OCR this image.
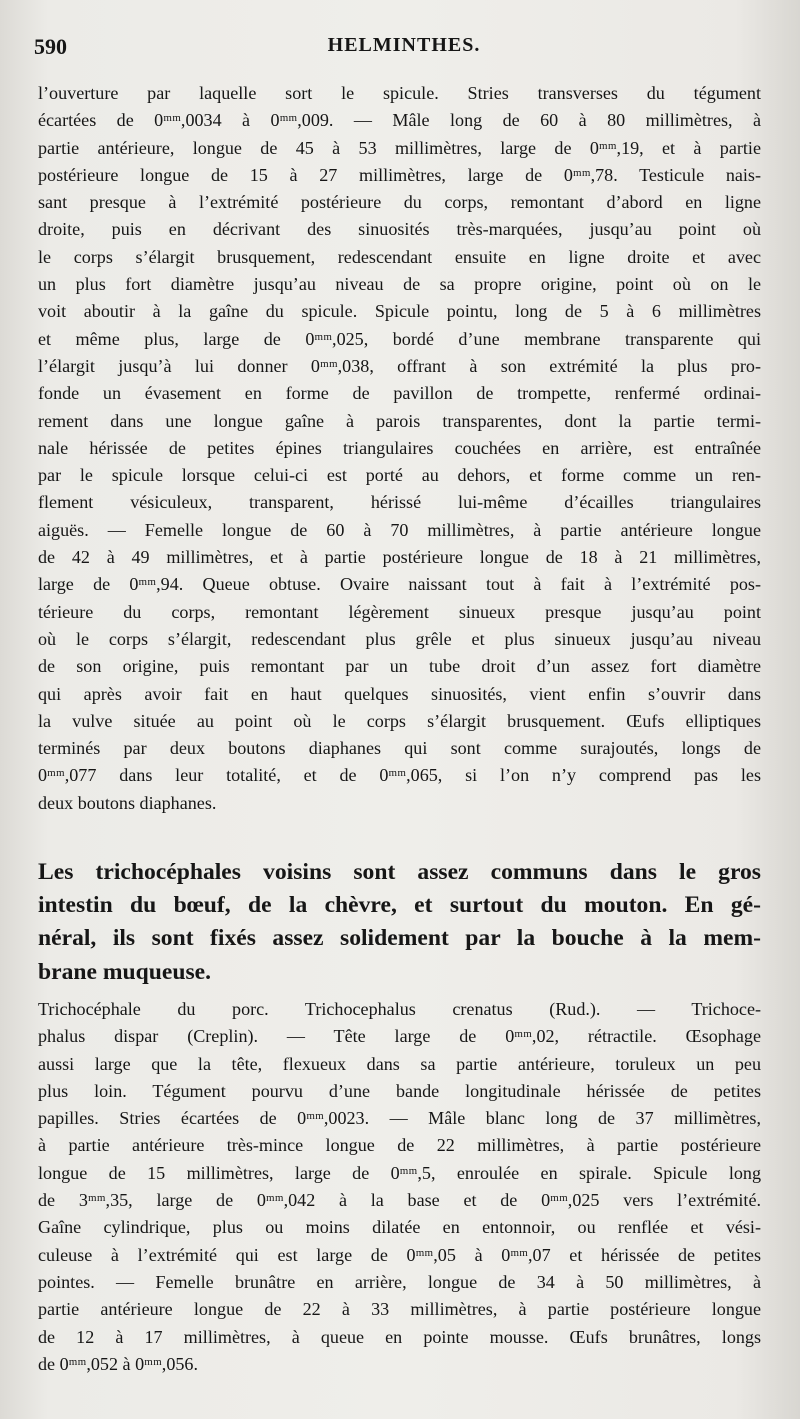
590	HELMINTHES.
l’ouverture par laquelle sort le spicule. Stries transverses du tégument
écartées de 0ᵐᵐ,0034 à 0ᵐᵐ,009. — Mâle long de 60 à 80 millimètres, à
partie antérieure, longue de 45 à 53 millimètres, large de 0ᵐᵐ,19, et à partie
postérieure longue de 15 à 27 millimètres, large de 0ᵐᵐ,78. Testicule nais-
sant presque à l’extrémité postérieure du corps, remontant d’abord en ligne
droite, puis en décrivant des sinuosités très-marquées, jusqu’au point où
le corps s’élargit brusquement, redescendant ensuite en ligne droite et avec
un plus fort diamètre jusqu’au niveau de sa propre origine, point où on le
voit aboutir à la gaîne du spicule. Spicule pointu, long de 5 à 6 millimètres
et même plus, large de 0ᵐᵐ,025, bordé d’une membrane transparente qui
l’élargit jusqu’à lui donner 0ᵐᵐ,038, offrant à son extrémité la plus pro-
fonde un évasement en forme de pavillon de trompette, renfermé ordinai-
rement dans une longue gaîne à parois transparentes, dont la partie termi-
nale hérissée de petites épines triangulaires couchées en arrière, est entraînée
par le spicule lorsque celui-ci est porté au dehors, et forme comme un ren-
flement vésiculeux, transparent, hérissé lui-même d’écailles triangulaires
aiguës. — Femelle longue de 60 à 70 millimètres, à partie antérieure longue
de 42 à 49 millimètres, et à partie postérieure longue de 18 à 21 millimètres,
large de 0ᵐᵐ,94. Queue obtuse. Ovaire naissant tout à fait à l’extrémité pos-
térieure du corps, remontant légèrement sinueux presque jusqu’au point
où le corps s’élargit, redescendant plus grêle et plus sinueux jusqu’au niveau
de son origine, puis remontant par un tube droit d’un assez fort diamètre
qui après avoir fait en haut quelques sinuosités, vient enfin s’ouvrir dans
la vulve située au point où le corps s’élargit brusquement. Œufs elliptiques
terminés par deux boutons diaphanes qui sont comme surajoutés, longs de
0ᵐᵐ,077 dans leur totalité, et de 0ᵐᵐ,065, si l’on n’y comprend pas les
deux boutons diaphanes.
Les trichocéphales voisins sont assez communs dans le gros
intestin du bœuf, de la chèvre, et surtout du mouton. En gé-
néral, ils sont fixés assez solidement par la bouche à la mem-
brane muqueuse.
Trichocéphale du porc. Trichocephalus crenatus (Rud.). — Trichoce-
phalus dispar (Creplin). — Tête large de 0ᵐᵐ,02, rétractile. Œsophage
aussi large que la tête, flexueux dans sa partie antérieure, toruleux un peu
plus loin. Tégument pourvu d’une bande longitudinale hérissée de petites
papilles. Stries écartées de 0ᵐᵐ,0023. — Mâle blanc long de 37 millimètres,
à partie antérieure très-mince longue de 22 millimètres, à partie postérieure
longue de 15 millimètres, large de 0ᵐᵐ,5, enroulée en spirale. Spicule long
de 3ᵐᵐ,35, large de 0ᵐᵐ,042 à la base et de 0ᵐᵐ,025 vers l’extrémité.
Gaîne cylindrique, plus ou moins dilatée en entonnoir, ou renflée et vési-
culeuse à l’extrémité qui est large de 0ᵐᵐ,05 à 0ᵐᵐ,07 et hérissée de petites
pointes. — Femelle brunâtre en arrière, longue de 34 à 50 millimètres, à
partie antérieure longue de 22 à 33 millimètres, à partie postérieure longue
de 12 à 17 millimètres, à queue en pointe mousse. Œufs brunâtres, longs
de 0ᵐᵐ,052 à 0ᵐᵐ,056.
